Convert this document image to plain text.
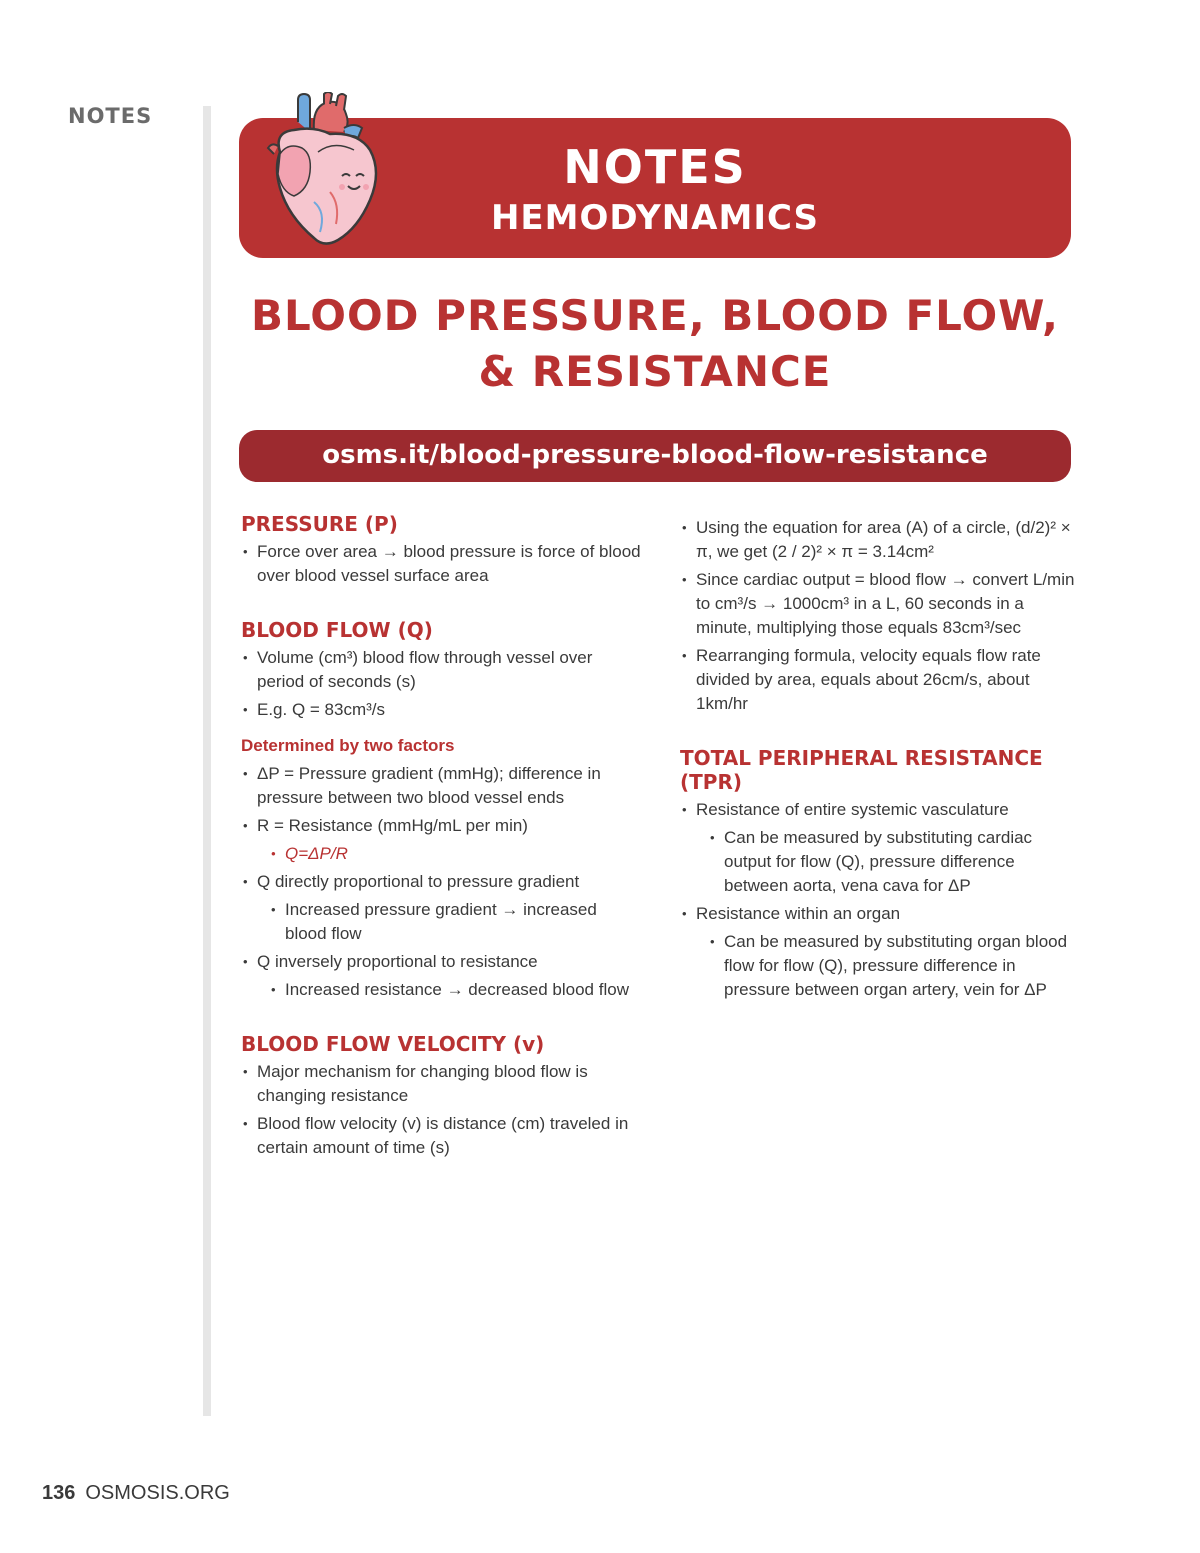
NOTES
NOTES
HEMODYNAMICS
BLOOD PRESSURE, BLOOD FLOW, & RESISTANCE
osms.it/blood-pressure-blood-flow-resistance
PRESSURE (P)
• Force over area → blood pressure is force of blood over blood vessel surface area
BLOOD FLOW (Q)
• Volume (cm³) blood flow through vessel over period of seconds (s)
• E.g. Q = 83cm³/s
Determined by two factors
• ΔP = Pressure gradient (mmHg); difference in pressure between two blood vessel ends
• R = Resistance (mmHg/mL per min)
• Q=ΔP/R
• Q directly proportional to pressure gradient
• Increased pressure gradient → increased blood flow
• Q inversely proportional to resistance
• Increased resistance → decreased blood flow
BLOOD FLOW VELOCITY (v)
• Major mechanism for changing blood flow is changing resistance
• Blood flow velocity (v) is distance (cm) traveled in certain amount of time (s)
• Using the equation for area (A) of a circle, (d/2)² × π, we get (2 / 2)² × π = 3.14cm²
• Since cardiac output = blood flow → convert L/min to cm³/s → 1000cm³ in a L, 60 seconds in a minute, multiplying those equals 83cm³/sec
• Rearranging formula, velocity equals flow rate divided by area, equals about 26cm/s, about 1km/hr
TOTAL PERIPHERAL RESISTANCE (TPR)
• Resistance of entire systemic vasculature
• Can be measured by substituting cardiac output for flow (Q), pressure difference between aorta, vena cava for ΔP
• Resistance within an organ
• Can be measured by substituting organ blood flow for flow (Q), pressure difference in pressure between organ artery, vein for ΔP
136 OSMOSIS.ORG
